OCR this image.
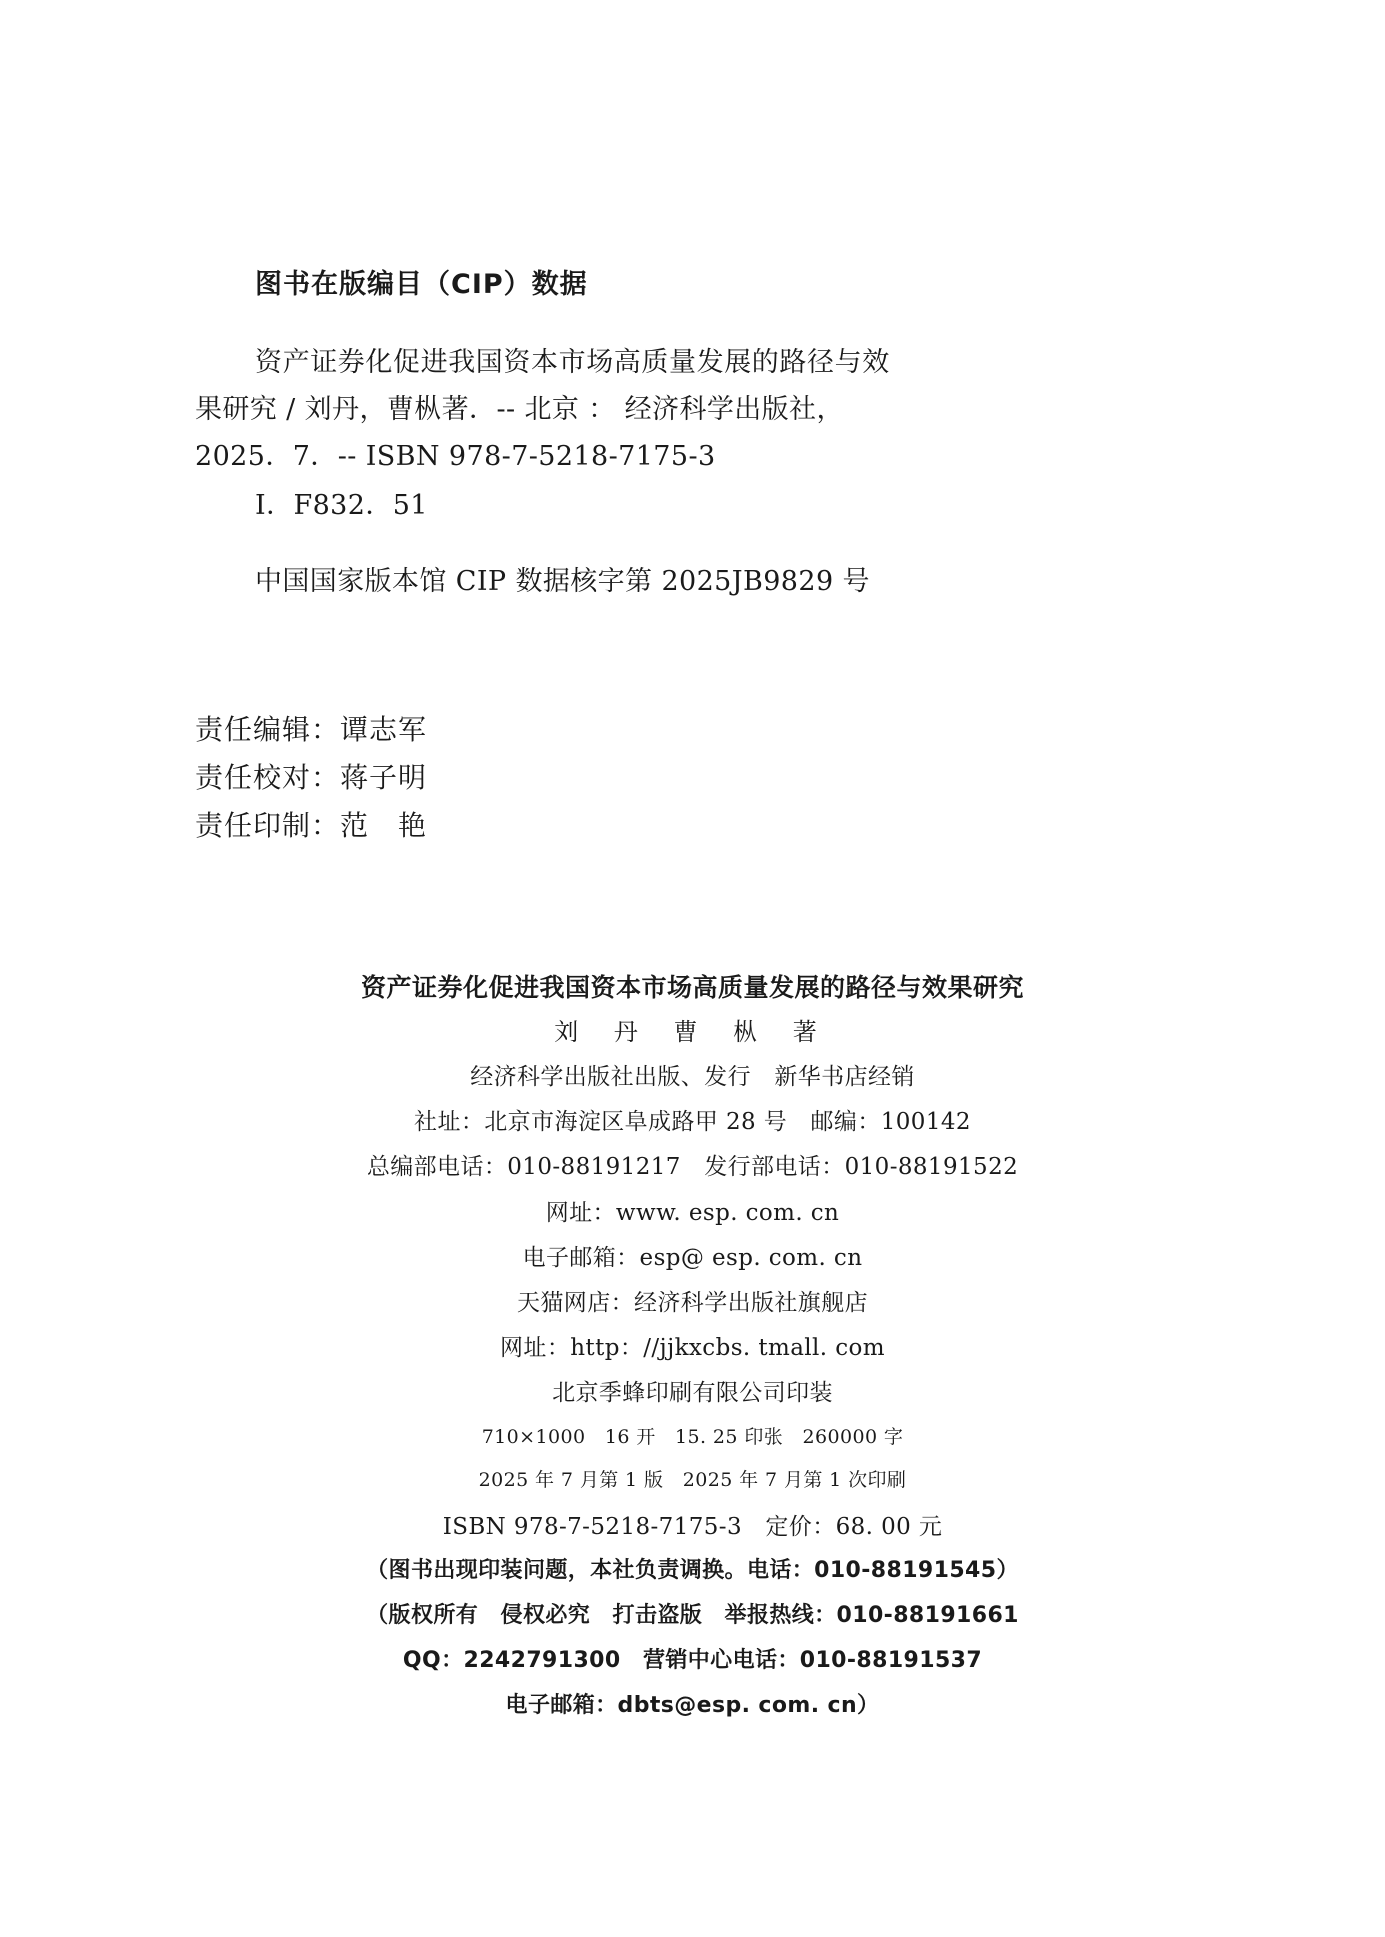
图书在版编目（CIP）数据
资产证券化促进我国资本市场高质量发展的路径与效
果研究 / 刘丹，曹枞著．-- 北京 ： 经济科学出版社，
2025．7．-- ISBN 978-7-5218-7175-3
Ⅰ．F832．51
中国国家版本馆 CIP 数据核字第 2025JB9829 号
责任编辑：谭志军
责任校对：蒋子明
责任印制：范　艳
资产证券化促进我国资本市场高质量发展的路径与效果研究
刘 丹 曹 枞 著
经济科学出版社出版、发行　新华书店经销
社址：北京市海淀区阜成路甲 28 号　邮编：100142
总编部电话：010-88191217　发行部电话：010-88191522
网址：www. esp. com. cn
电子邮箱：esp@ esp. com. cn
天猫网店：经济科学出版社旗舰店
网址：http：//jjkxcbs. tmall. com
北京季蜂印刷有限公司印装
710×1000　16 开　15. 25 印张　260000 字
2025 年 7 月第 1 版　2025 年 7 月第 1 次印刷
ISBN 978-7-5218-7175-3　定价：68. 00 元
（图书出现印装问题，本社负责调换。电话：010-88191545）
（版权所有　侵权必究　打击盗版　举报热线：010-88191661
QQ：2242791300　营销中心电话：010-88191537
电子邮箱：dbts@esp. com. cn）
